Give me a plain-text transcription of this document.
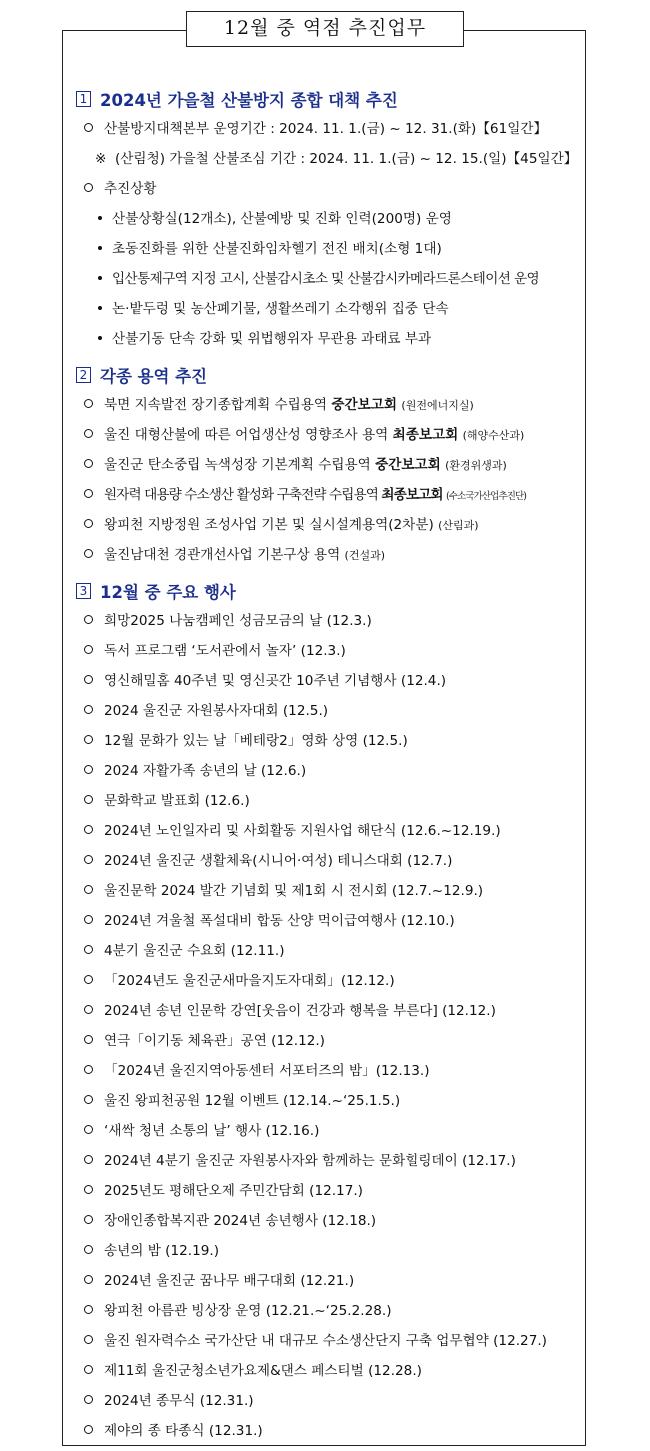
12월 중 역점 추진업무
1 2024년 가을철 산불방지 종합 대책 추진
산불방지대책본부 운영기간 : 2024. 11. 1.(금) ~ 12. 31.(화)【61일간】
※ (산림청) 가을철 산불조심 기간 : 2024. 11. 1.(금) ~ 12. 15.(일)【45일간】
추진상황
산불상황실(12개소), 산불예방 및 진화 인력(200명) 운영
초동진화를 위한 산불진화임차헬기 전진 배치(소형 1대)
입산통제구역 지정 고시, 산불감시초소 및 산불감시카메라드론스테이션 운영
논·밭두렁 및 농산폐기물, 생활쓰레기 소각행위 집중 단속
산불기동 단속 강화 및 위법행위자 무관용 과태료 부과
2 각종 용역 추진
북면 지속발전 장기종합계획 수립용역 중간보고회 (원전에너지실)
울진 대형산불에 따른 어업생산성 영향조사 용역 최종보고회 (해양수산과)
울진군 탄소중립 녹색성장 기본계획 수립용역 중간보고회 (환경위생과)
원자력 대용량 수소생산 활성화 구축전략 수립용역 최종보고회 (수소국가산업추진단)
왕피천 지방정원 조성사업 기본 및 실시설계용역(2차분) (산림과)
울진남대천 경관개선사업 기본구상 용역 (건설과)
3 12월 중 주요 행사
희망2025 나눔캠페인 성금모금의 날 (12.3.)
독서 프로그램 ‘도서관에서 놀자’ (12.3.)
영신해밀홈 40주년 및 영신곳간 10주년 기념행사 (12.4.)
2024 울진군 자원봉사자대회 (12.5.)
12월 문화가 있는 날「베테랑2」영화 상영 (12.5.)
2024 자활가족 송년의 날 (12.6.)
문화학교 발표회 (12.6.)
2024년 노인일자리 및 사회활동 지원사업 해단식 (12.6.~12.19.)
2024년 울진군 생활체육(시니어·여성) 테니스대회 (12.7.)
울진문학 2024 발간 기념회 및 제1회 시 전시회 (12.7.~12.9.)
2024년 겨울철 폭설대비 합동 산양 먹이급여행사 (12.10.)
4분기 울진군 수요회 (12.11.)
「2024년도 울진군새마을지도자대회」(12.12.)
2024년 송년 인문학 강연[웃음이 건강과 행복을 부른다] (12.12.)
연극「이기동 체육관」공연 (12.12.)
「2024년 울진지역아동센터 서포터즈의 밤」(12.13.)
울진 왕피천공원 12월 이벤트 (12.14.~‘25.1.5.)
‘새싹 청년 소통의 날’ 행사 (12.16.)
2024년 4분기 울진군 자원봉사자와 함께하는 문화힐링데이 (12.17.)
2025년도 평해단오제 주민간담회 (12.17.)
장애인종합복지관 2024년 송년행사 (12.18.)
송년의 밤 (12.19.)
2024년 울진군 꿈나무 배구대회 (12.21.)
왕피천 아름관 빙상장 운영 (12.21.~‘25.2.28.)
울진 원자력수소 국가산단 내 대규모 수소생산단지 구축 업무협약 (12.27.)
제11회 울진군청소년가요제&댄스 페스티벌 (12.28.)
2024년 종무식 (12.31.)
제야의 종 타종식 (12.31.)
